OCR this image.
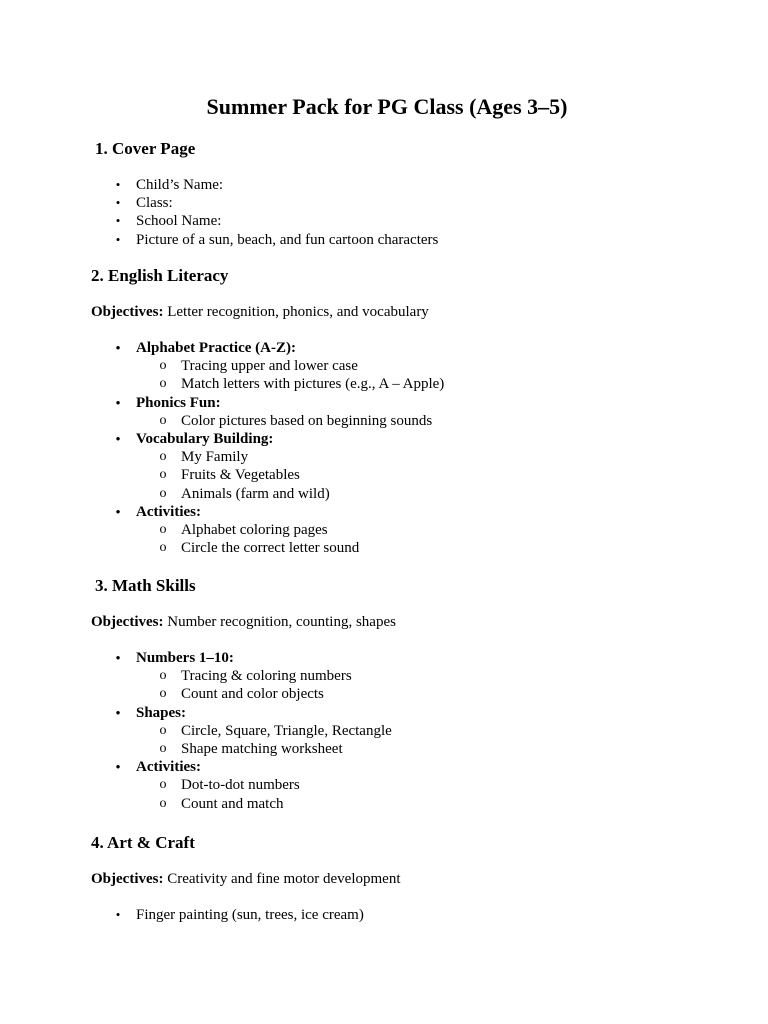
Summer Pack for PG Class (Ages 3–5)
1. Cover Page
• Child’s Name:
• Class:
• School Name:
• Picture of a sun, beach, and fun cartoon characters
2. English Literacy

Objectives: Letter recognition, phonics, and vocabulary

• Alphabet Practice (A-Z):
o Tracing upper and lower case
o Match letters with pictures (e.g., A – Apple)
• Phonics Fun:
o Color pictures based on beginning sounds
• Vocabulary Building:
o My Family
o Fruits & Vegetables
o Animals (farm and wild)
• Activities:
o Alphabet coloring pages
o Circle the correct letter sound
3. Math Skills

Objectives: Number recognition, counting, shapes

• Numbers 1–10:
o Tracing & coloring numbers
o Count and color objects
• Shapes:
o Circle, Square, Triangle, Rectangle
o Shape matching worksheet
• Activities:
o Dot-to-dot numbers
o Count and match
4. Art & Craft

Objectives: Creativity and fine motor development

• Finger painting (sun, trees, ice cream)
